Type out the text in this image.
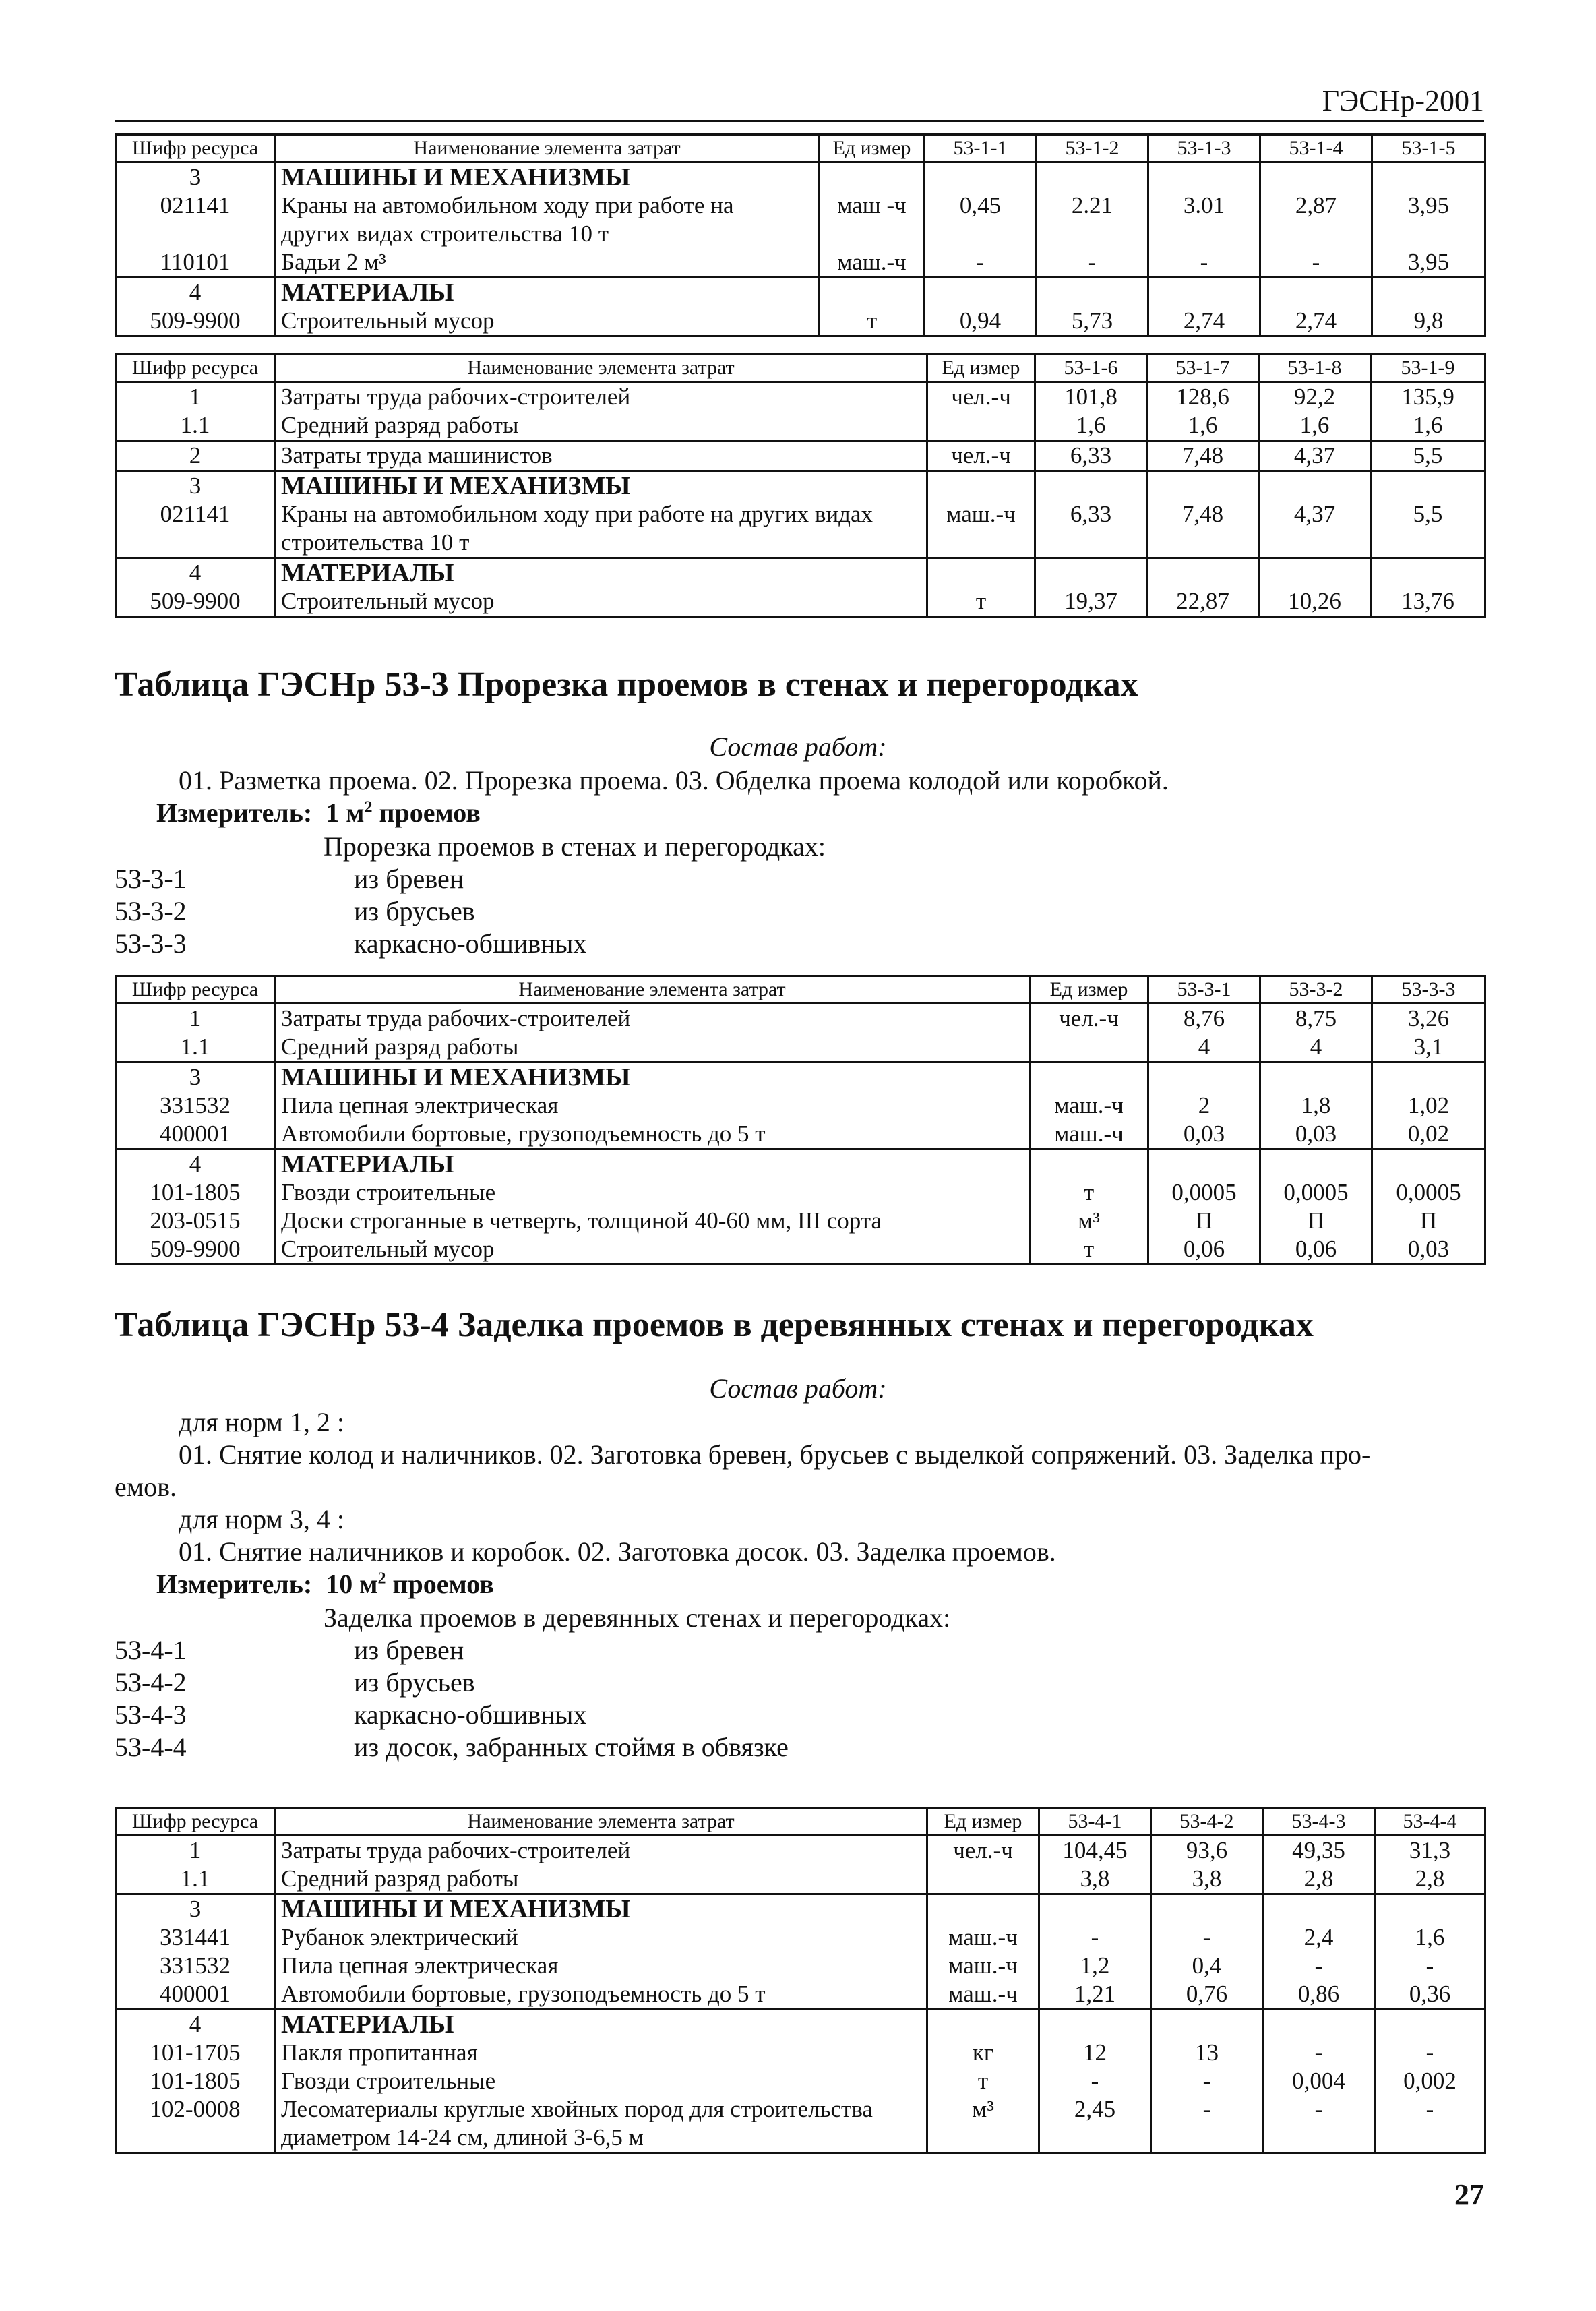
ГЭСНр-2001
Шифр ресурса	Наименование элемента затрат	Ед измер	53-1-1	53-1-2	53-1-3	53-1-4	53-1-5
3	МАШИНЫ И МЕХАНИЗМЫ						
021141	Краны на автомобильном ходу при работе на	маш -ч	0,45	2.21	3.01	2,87	3,95
	других видах строительства 10 т						
110101	Бадьи 2 м³	маш.-ч	-	-	-	-	3,95
4	МАТЕРИАЛЫ						
509-9900	Строительный мусор	т	0,94	5,73	2,74	2,74	9,8
Шифр ресурса	Наименование элемента затрат	Ед измер	53-1-6	53-1-7	53-1-8	53-1-9
1	Затраты труда рабочих-строителей	чел.-ч	101,8	128,6	92,2	135,9
1.1	Средний разряд работы		1,6	1,6	1,6	1,6
2	Затраты труда машинистов	чел.-ч	6,33	7,48	4,37	5,5
3	МАШИНЫ И МЕХАНИЗМЫ					
021141	Краны на автомобильном ходу при работе на других видах	маш.-ч	6,33	7,48	4,37	5,5
	строительства 10 т					
4	МАТЕРИАЛЫ					
509-9900	Строительный мусор	т	19,37	22,87	10,26	13,76
Таблица ГЭСНр 53-3 Прорезка проемов в стенах и перегородках
Состав работ:
01. Разметка проема. 02. Прорезка проема. 03. Обделка проема колодой или коробкой.
Измеритель: 1 $м^2$ проемов
Прорезка проемов в стенах и перегородках:
53-3-1	из бревен
53-3-2	из брусьев
53-3-3	каркасно-обшивных
Шифр ресурса	Наименование элемента затрат	Ед измер	53-3-1	53-3-2	53-3-3
1	Затраты труда рабочих-строителей	чел.-ч	8,76	8,75	3,26
1.1	Средний разряд работы		4	4	3,1
3	МАШИНЫ И МЕХАНИЗМЫ				
331532	Пила цепная электрическая	маш.-ч	2	1,8	1,02
400001	Автомобили бортовые, грузоподъемность до 5 т	маш.-ч	0,03	0,03	0,02
4	МАТЕРИАЛЫ				
101-1805	Гвозди строительные	т	0,0005	0,0005	0,0005
203-0515	Доски строганные в четверть, толщиной 40-60 мм, III сорта	м³	П	П	П
509-9900	Строительный мусор	т	0,06	0,06	0,03
Таблица ГЭСНр 53-4 Заделка проемов в деревянных стенах и перегородках
Состав работ:
для норм 1, 2 :
01. Снятие колод и наличников. 02. Заготовка бревен, брусьев с выделкой сопряжений. 03. Заделка про-
емов.
для норм 3, 4 :
01. Снятие наличников и коробок. 02. Заготовка досок. 03. Заделка проемов.
Измеритель: 10 $м^2$ проемов
Заделка проемов в деревянных стенах и перегородках:
53-4-1	из бревен
53-4-2	из брусьев
53-4-3	каркасно-обшивных
53-4-4	из досок, забранных стоймя в обвязке
Шифр ресурса	Наименование элемента затрат	Ед измер	53-4-1	53-4-2	53-4-3	53-4-4
1	Затраты труда рабочих-строителей	чел.-ч	104,45	93,6	49,35	31,3
1.1	Средний разряд работы		3,8	3,8	2,8	2,8
3	МАШИНЫ И МЕХАНИЗМЫ					
331441	Рубанок электрический	маш.-ч	-	-	2,4	1,6
331532	Пила цепная электрическая	маш.-ч	1,2	0,4	-	-
400001	Автомобили бортовые, грузоподъемность до 5 т	маш.-ч	1,21	0,76	0,86	0,36
4	МАТЕРИАЛЫ					
101-1705	Пакля пропитанная	кг	12	13	-	-
101-1805	Гвозди строительные	т	-	-	0,004	0,002
102-0008	Лесоматериалы круглые хвойных пород для строительства	м³	2,45	-	-	-
	диаметром 14-24 см, длиной 3-6,5 м					
27
